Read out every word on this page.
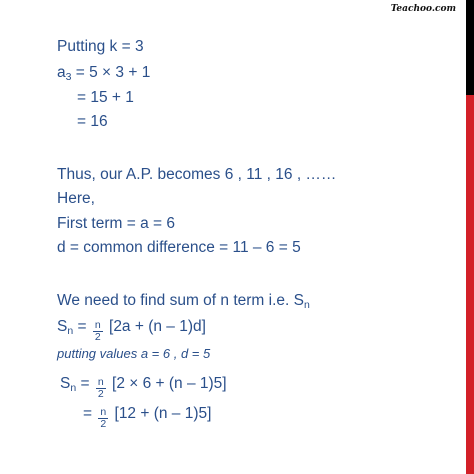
Teachoo.com
Putting k = 3
$a_3 = 5 \times 3 + 1$
= 15 + 1
= 16
Thus, our A.P. becomes 6 , 11 , 16 , ……
Here,
First term = a = 6
d = common difference = 11 – 6 = 5
We need to find sum of n term i.e. $S_n$
$S_n = \frac{n}{2} [2a + (n - 1)d]$
putting values a = 6 , d = 5
$S_n = \frac{n}{2} [2 \times 6 + (n - 1)5]$
= $\frac{n}{2} [12 + (n - 1)5]$
